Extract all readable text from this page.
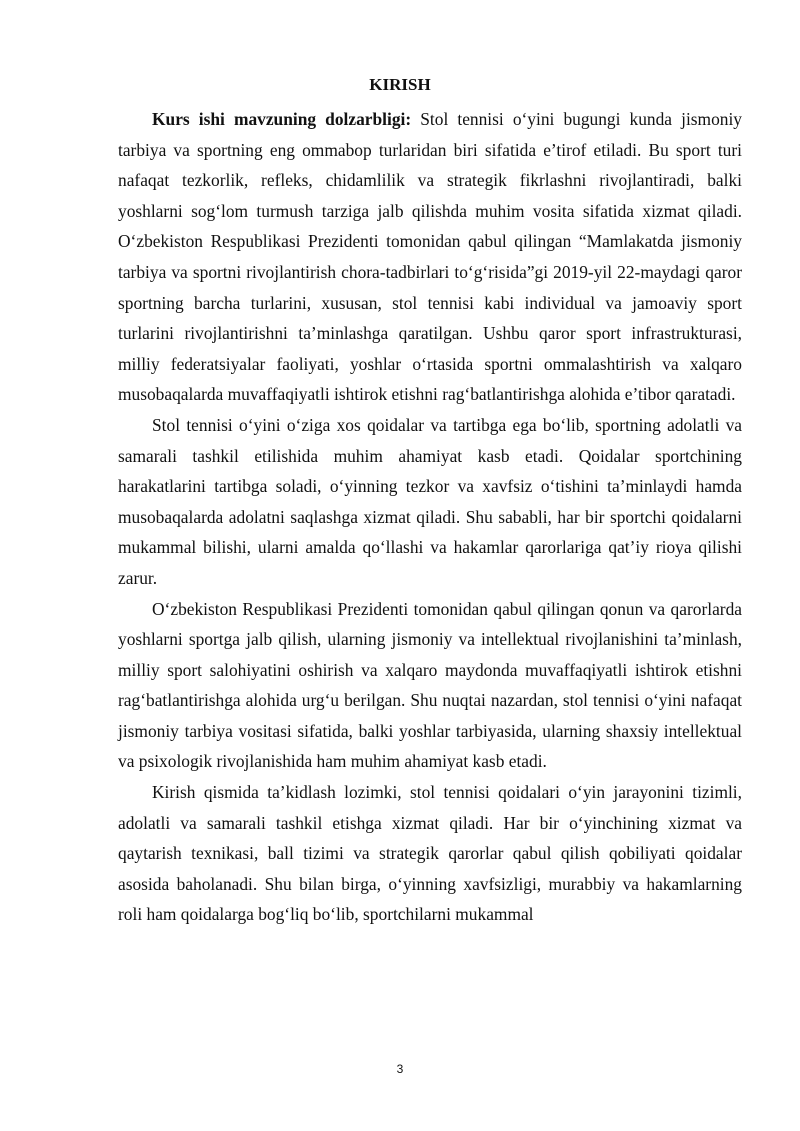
KIRISH

Kurs ishi mavzuning dolzarbligi: Stol tennisi o‘yini bugungi kunda jismoniy tarbiya va sportning eng ommabop turlaridan biri sifatida e’tirof etiladi. Bu sport turi nafaqat tezkorlik, refleks, chidamlilik va strategik fikrlashni rivojlantiradi, balki yoshlarni sog‘lom turmush tarziga jalb qilishda muhim vosita sifatida xizmat qiladi. O‘zbekiston Respublikasi Prezidenti tomonidan qabul qilingan “Mamlakatda jismoniy tarbiya va sportni rivojlantirish chora-tadbirlari to‘g‘risida”gi 2019-yil 22-maydagi qaror sportning barcha turlarini, xususan, stol tennisi kabi individual va jamoaviy sport turlarini rivojlantirishni ta’minlashga qaratilgan. Ushbu qaror sport infrastrukturasi, milliy federatsiyalar faoliyati, yoshlar o‘rtasida sportni ommalashtirish va xalqaro musobaqalarda muvaffaqiyatli ishtirok etishni rag‘batlantirishga alohida e’tibor qaratadi.

Stol tennisi o‘yini o‘ziga xos qoidalar va tartibga ega bo‘lib, sportning adolatli va samarali tashkil etilishida muhim ahamiyat kasb etadi. Qoidalar sportchining harakatlarini tartibga soladi, o‘yinning tezkor va xavfsiz o‘tishini ta’minlaydi hamda musobaqalarda adolatni saqlashga xizmat qiladi. Shu sababli, har bir sportchi qoidalarni mukammal bilishi, ularni amalda qo‘llashi va hakamlar qarorlariga qat’iy rioya qilishi zarur.

O‘zbekiston Respublikasi Prezidenti tomonidan qabul qilingan qonun va qarorlarda yoshlarni sportga jalb qilish, ularning jismoniy va intellektual rivojlanishini ta’minlash, milliy sport salohiyatini oshirish va xalqaro maydonda muvaffaqiyatli ishtirok etishni rag‘batlantirishga alohida urg‘u berilgan. Shu nuqtai nazardan, stol tennisi o‘yini nafaqat jismoniy tarbiya vositasi sifatida, balki yoshlar tarbiyasida, ularning shaxsiy intellektual va psixologik rivojlanishida ham muhim ahamiyat kasb etadi.

Kirish qismida ta’kidlash lozimki, stol tennisi qoidalari o‘yin jarayonini tizimli, adolatli va samarali tashkil etishga xizmat qiladi. Har bir o‘yinchining xizmat va qaytarish texnikasi, ball tizimi va strategik qarorlar qabul qilish qobiliyati qoidalar asosida baholanadi. Shu bilan birga, o‘yinning xavfsizligi, murabbiy va hakamlarning roli ham qoidalarga bog‘liq bo‘lib, sportchilarni mukammal

3
